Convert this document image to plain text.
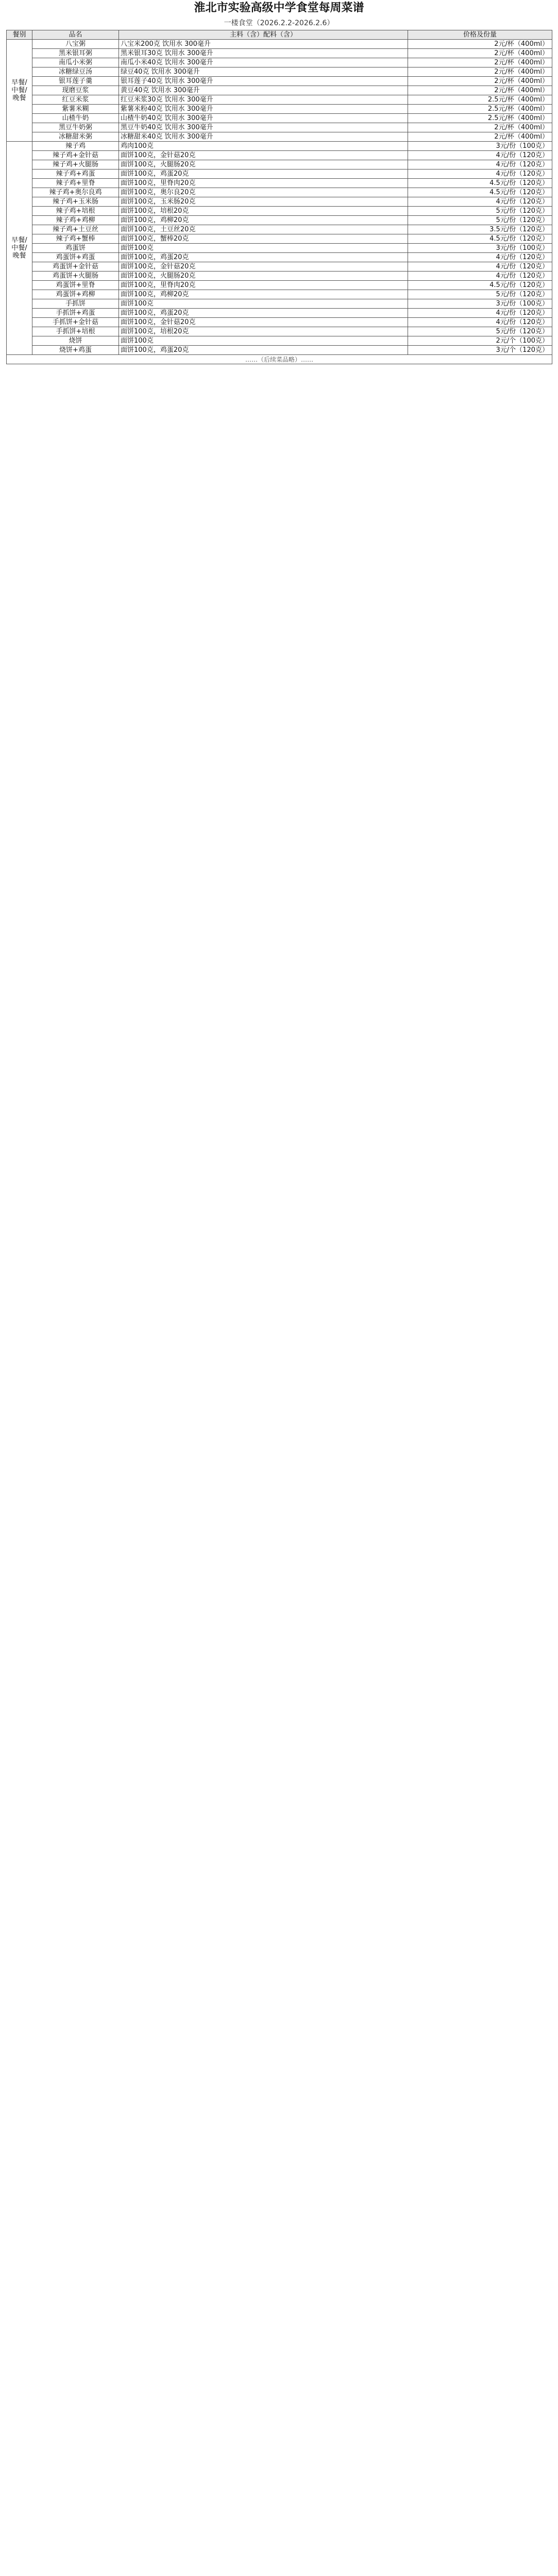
淮北市实验高级中学食堂每周菜谱
一楼食堂（2026.2.2-2026.2.6）
餐别	品名	主料（含）配料（含）	价格及份量
早餐/中餐/晚餐	八宝粥	八宝米200克 饮用水 300毫升	2元/杯（400ml）
	黑米银耳粥	黑米银耳30克 饮用水 300毫升	2元/杯（400ml）
	南瓜小米粥	南瓜小米40克 饮用水 300毫升	2元/杯（400ml）
	冰糖绿豆汤	绿豆40克 饮用水 300毫升	2元/杯（400ml）
	银耳莲子羹	银耳莲子40克 饮用水 300毫升	2元/杯（400ml）
	现磨豆浆	黄豆40克 饮用水 300毫升	2元/杯（400ml）
	红豆米浆	红豆米浆30克 饮用水 300毫升	2.5元/杯（400ml）
	紫薯米糊	紫薯米粉40克 饮用水 300毫升	2.5元/杯（400ml）
	山楂牛奶	山楂牛奶40克 饮用水 300毫升	2.5元/杯（400ml）
	黑豆牛奶粥	黑豆牛奶40克 饮用水 300毫升	2元/杯（400ml）
	冰糖甜米粥	冰糖甜米40克 饮用水 300毫升	2元/杯（400ml）
早餐/中餐/晚餐	辣子鸡	鸡肉100克	3元/份（100克）
	辣子鸡+金针菇	面饼100克，金针菇20克	4元/份（120克）
	辣子鸡+火腿肠	面饼100克，火腿肠20克	4元/份（120克）
	辣子鸡+鸡蛋	面饼100克，鸡蛋20克	4元/份（120克）
	辣子鸡+里脊	面饼100克，里脊肉20克	4.5元/份（120克）
	辣子鸡+奥尔良鸡	面饼100克，奥尔良20克	4.5元/份（120克）
	辣子鸡+玉米肠	面饼100克，玉米肠20克	4元/份（120克）
	辣子鸡+培根	面饼100克，培根20克	5元/份（120克）
	辣子鸡+鸡柳	面饼100克，鸡柳20克	5元/份（120克）
	辣子鸡+土豆丝	面饼100克，土豆丝20克	3.5元/份（120克）
	辣子鸡+蟹棒	面饼100克，蟹棒20克	4.5元/份（120克）
	鸡蛋饼	面饼100克	3元/份（100克）
	鸡蛋饼+鸡蛋	面饼100克，鸡蛋20克	4元/份（120克）
	鸡蛋饼+金针菇	面饼100克，金针菇20克	4元/份（120克）
	鸡蛋饼+火腿肠	面饼100克，火腿肠20克	4元/份（120克）
	鸡蛋饼+里脊	面饼100克，里脊肉20克	4.5元/份（120克）
	鸡蛋饼+鸡柳	面饼100克，鸡柳20克	5元/份（120克）
	手抓饼	面饼100克	3元/份（100克）
	手抓饼+鸡蛋	面饼100克，鸡蛋20克	4元/份（120克）
	手抓饼+金针菇	面饼100克，金针菇20克	4元/份（120克）
	手抓饼+培根	面饼100克，培根20克	5元/份（120克）
	烧饼	面饼100克	2元/个（100克）
	烧饼+鸡蛋	面饼100克，鸡蛋20克	3元/个（120克）
……（后续菜品略）……			
